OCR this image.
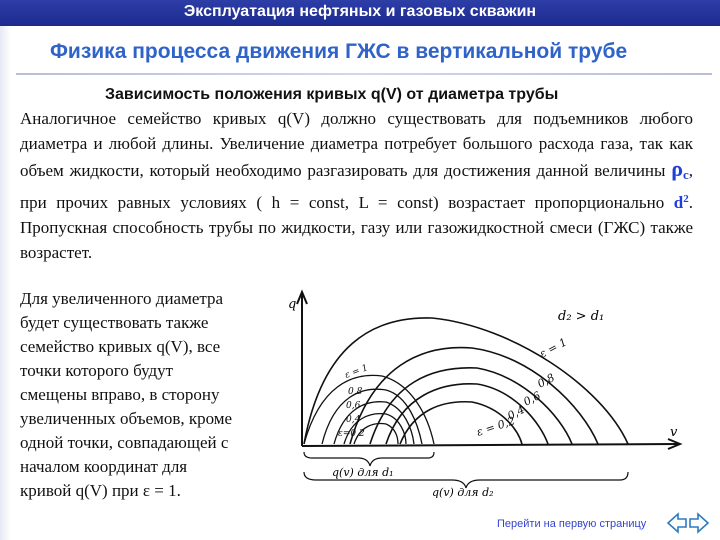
Эксплуатация нефтяных и газовых скважин
Физика процесса движения ГЖС в вертикальной трубе
Зависимость положения кривых q(V) от диаметра трубы
Аналогичное семейство кривых q(V) должно существовать для подъемников любого диаметра и любой длины. Увеличение диаметра потребует большого расхода газа, так как объем жидкости, который необходимо разгазировать для достижения данной величины ρc, при прочих равных условиях ( h = const, L = const) возрастает пропорционально $d^2$. Пропускная способность трубы по жидкости, газу или газожидкостной смеси (ГЖС) также возрастет.
Для увеличенного диаметра
будет существовать также
семейство кривых q(V), все
точки которого будут
смещены вправо, в сторону
увеличенных объемов, кроме
одной точки, совпадающей с
началом координат для
кривой q(V) при ε = 1.
q
v
d₂ > d₁
ε = 1
0,8
0,6
0,4
ε = 0,2
ε = 1
0,8
0,6
0,4
ε=0,2
q(v) для d₁
q(v) для d₂
Перейти на первую страницу
